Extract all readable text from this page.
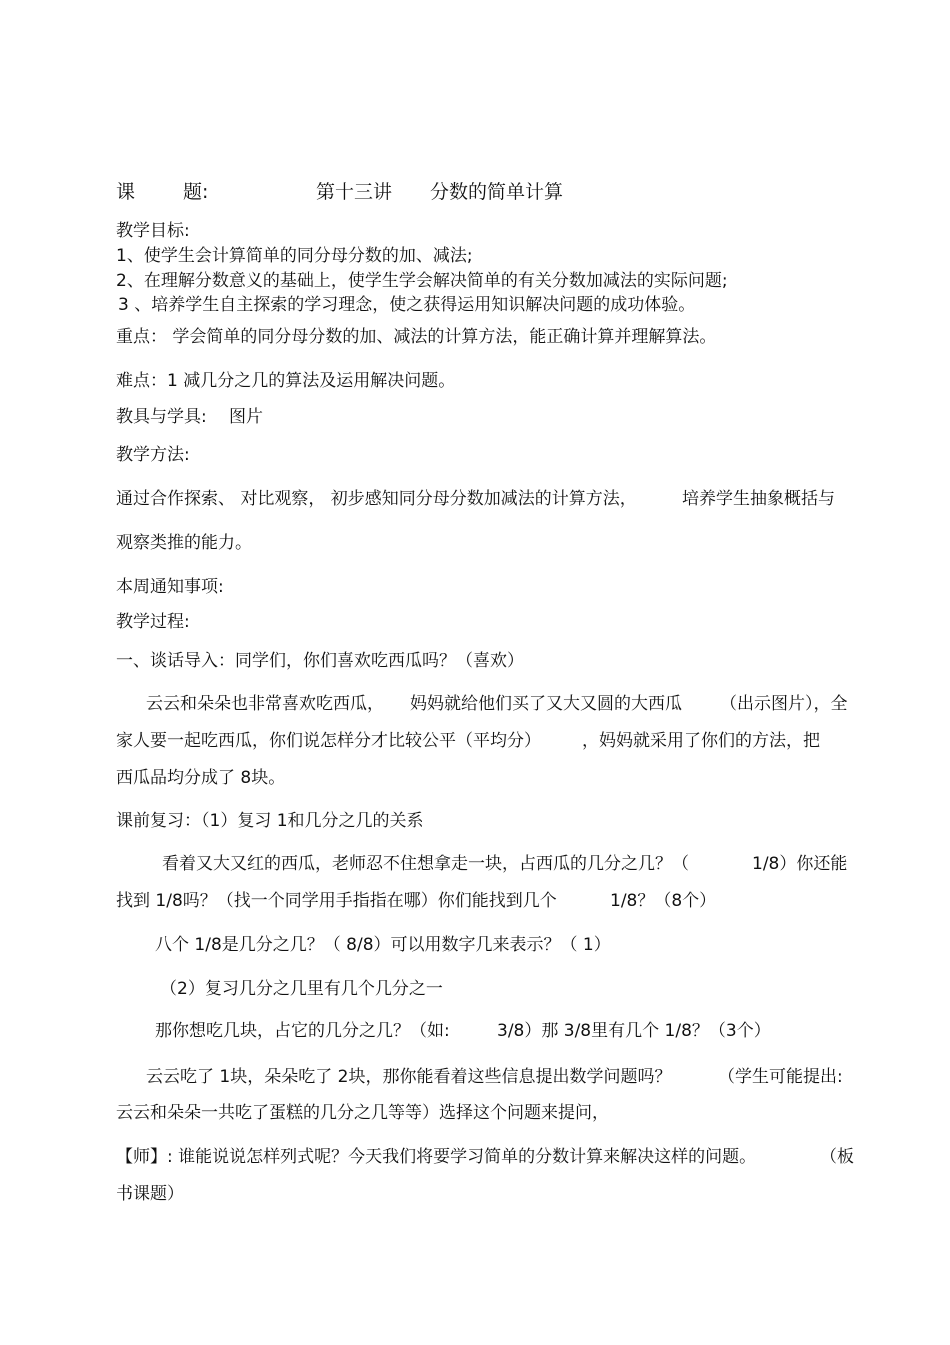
课	题:	第十三讲 分数的简单计算
教学目标:
1、使学生会计算简单的同分母分数的加、减法;
2、在理解分数意义的基础上，使学生学会解决简单的有关分数加减法的实际问题;
3 、培养学生自主探索的学习理念，使之获得运用知识解决问题的成功体验。
重点： 学会简单的同分母分数的加、减法的计算方法，能正确计算并理解算法。
难点：1 减几分之几的算法及运用解决问题。
教具与学具: 图片
教学方法:
通过合作探索、 对比观察， 初步感知同分母分数加减法的计算方法，	培养学生抽象概括与
观察类推的能力。
本周通知事项:
教学过程:
一、谈话导入：同学们，你们喜欢吃西瓜吗？（喜欢）
云云和朵朵也非常喜欢吃西瓜， 妈妈就给他们买了又大又圆的大西瓜 （出示图片），全
家人要一起吃西瓜，你们说怎样分才比较公平（平均分） ，妈妈就采用了你们的方法，把
西瓜品均分成了 8块。
课前复习：（1）复习 1和几分之几的关系
看着又大又红的西瓜，老师忍不住想拿走一块，占西瓜的几分之几？（	1/8）你还能
找到 1/8吗？（找一个同学用手指指在哪）你们能找到几个	1/8？（8个）
八个 1/8是几分之几？（ 8/8）可以用数字几来表示？（ 1）
（2）复习几分之几里有几个几分之一
那你想吃几块，占它的几分之几？（如:	3/8）那 3/8里有几个 1/8？（3个）
云云吃了 1块，朵朵吃了 2块，那你能看着这些信息提出数学问题吗？	（学生可能提出:
云云和朵朵一共吃了蛋糕的几分之几等等）选择这个问题来提问，
【师】: 谁能说说怎样列式呢？今天我们将要学习简单的分数计算来解决这样的问题。	（板
书课题）
